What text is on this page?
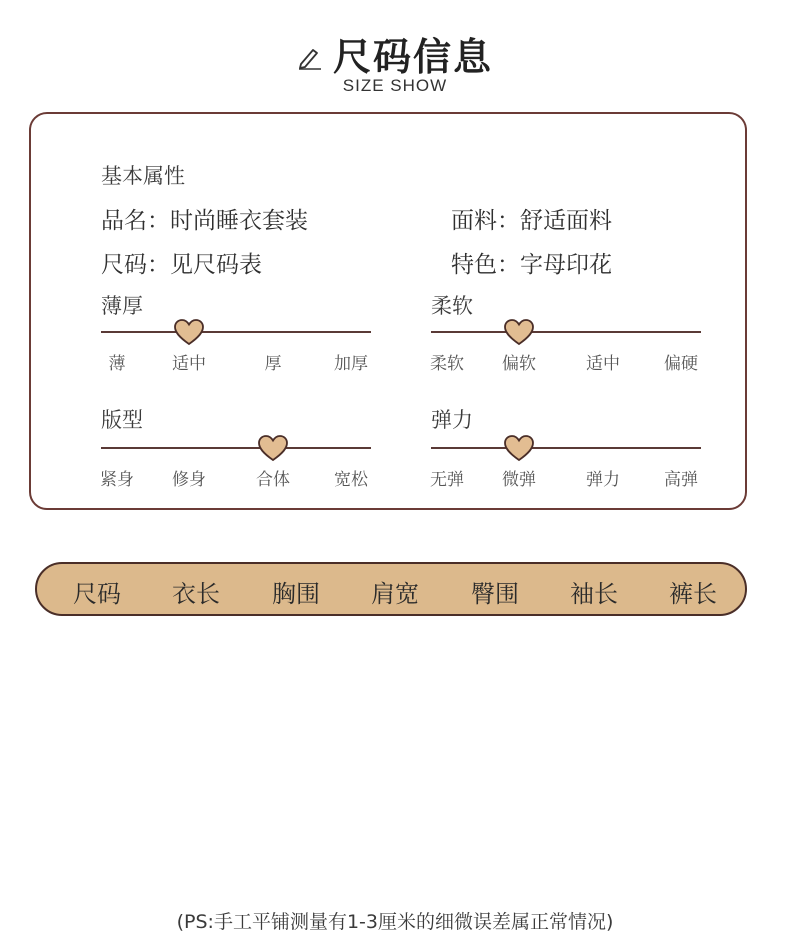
尺码信息
SIZE SHOW
基本属性
品名：时尚睡衣套装	面料：舒适面料
尺码：见尺码表	特色：字母印花
薄厚
薄	适中	厚	加厚
柔软
柔软 偏软	适中	偏硬
版型
紧身 修身	合体	宽松
弹力
无弹 微弹	弹力	高弹
尺码 衣长 胸围 肩宽 臀围 袖长 裤长
(PS:手工平铺测量有1-3厘米的细微误差属正常情况)
